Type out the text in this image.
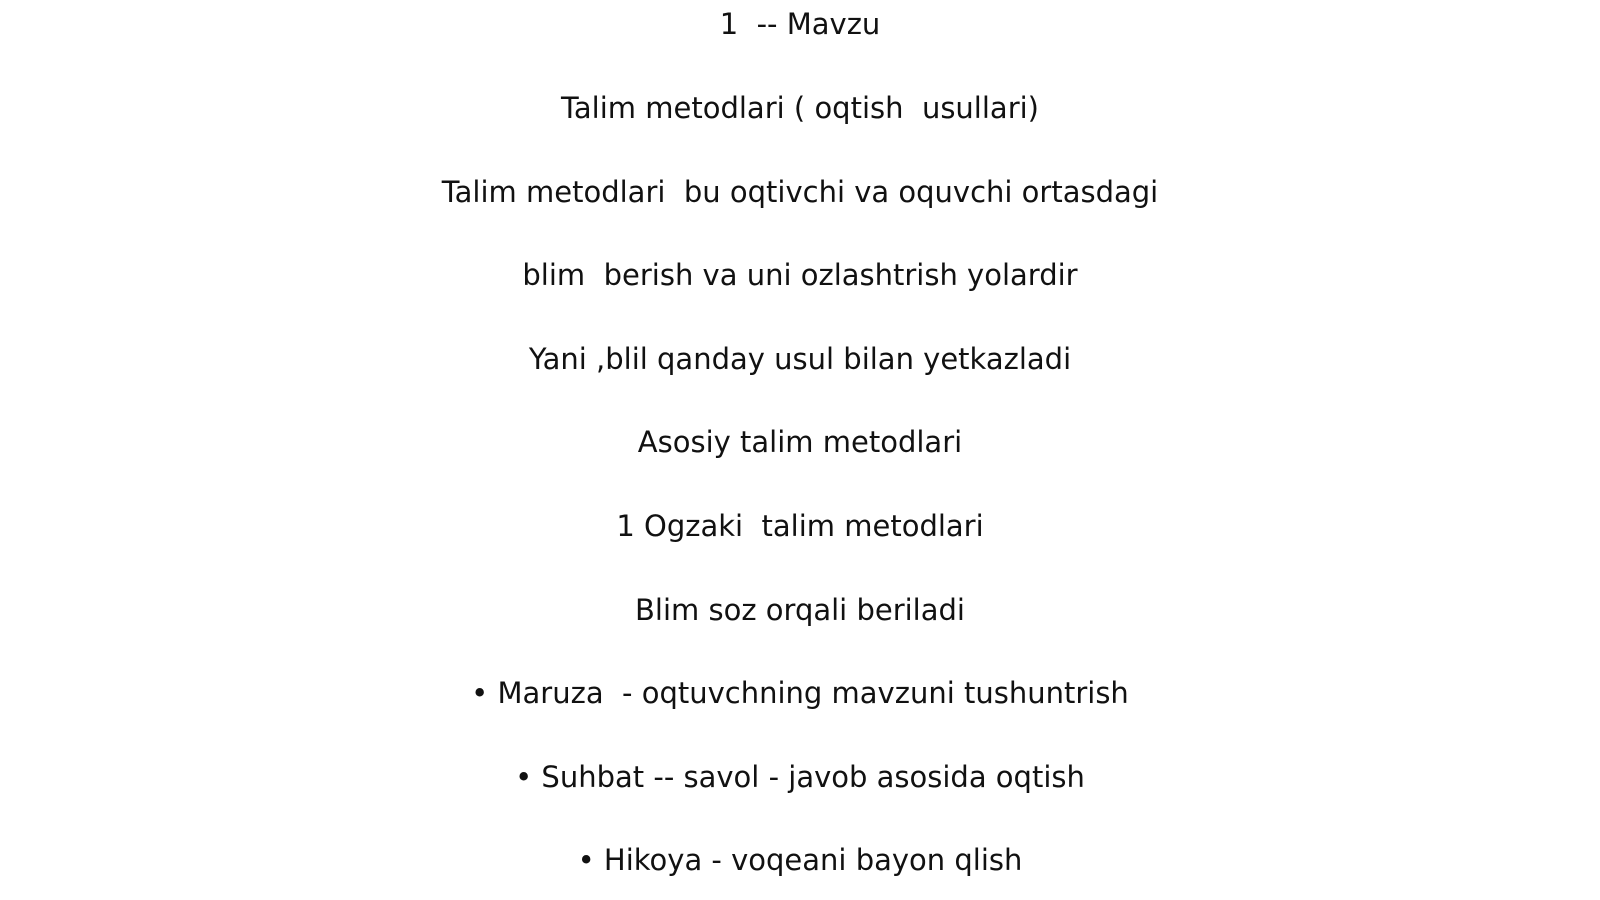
1  -- Mavzu
Talim metodlari ( oqtish  usullari)
Talim metodlari  bu oqtivchi va oquvchi ortasdagi
blim  berish va uni ozlashtrish yolardir
Yani ,blil qanday usul bilan yetkazladi
Asosiy talim metodlari
1 Ogzaki  talim metodlari
Blim soz orqali beriladi
• Maruza  - oqtuvchning mavzuni tushuntrish
• Suhbat -- savol - javob asosida oqtish
• Hikoya - voqeani bayon qlish
